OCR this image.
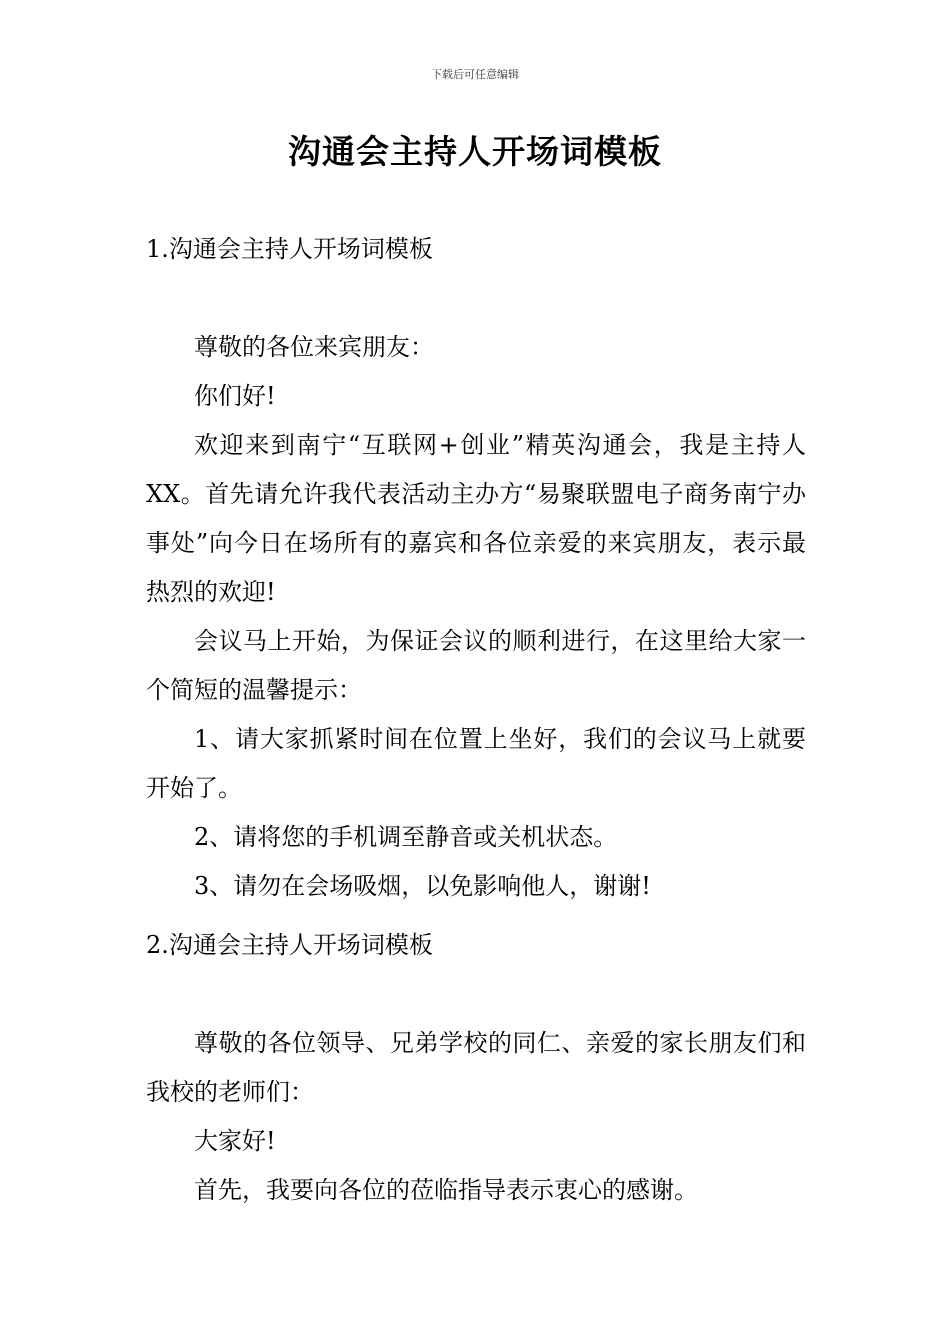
下载后可任意编辑
沟通会主持人开场词模板

1.沟通会主持人开场词模板

尊敬的各位来宾朋友：

你们好!

欢迎来到南宁“互联网+创业”精英沟通会，我是主持人XX。首先请允许我代表活动主办方“易聚联盟电子商务南宁办事处”向今日在场所有的嘉宾和各位亲爱的来宾朋友，表示最热烈的欢迎!

会议马上开始，为保证会议的顺利进行，在这里给大家一个简短的温馨提示：

1、请大家抓紧时间在位置上坐好，我们的会议马上就要开始了。

2、请将您的手机调至静音或关机状态。

3、请勿在会场吸烟，以免影响他人，谢谢!

2.沟通会主持人开场词模板

尊敬的各位领导、兄弟学校的同仁、亲爱的家长朋友们和我校的老师们：

大家好!

首先，我要向各位的莅临指导表示衷心的感谢。
